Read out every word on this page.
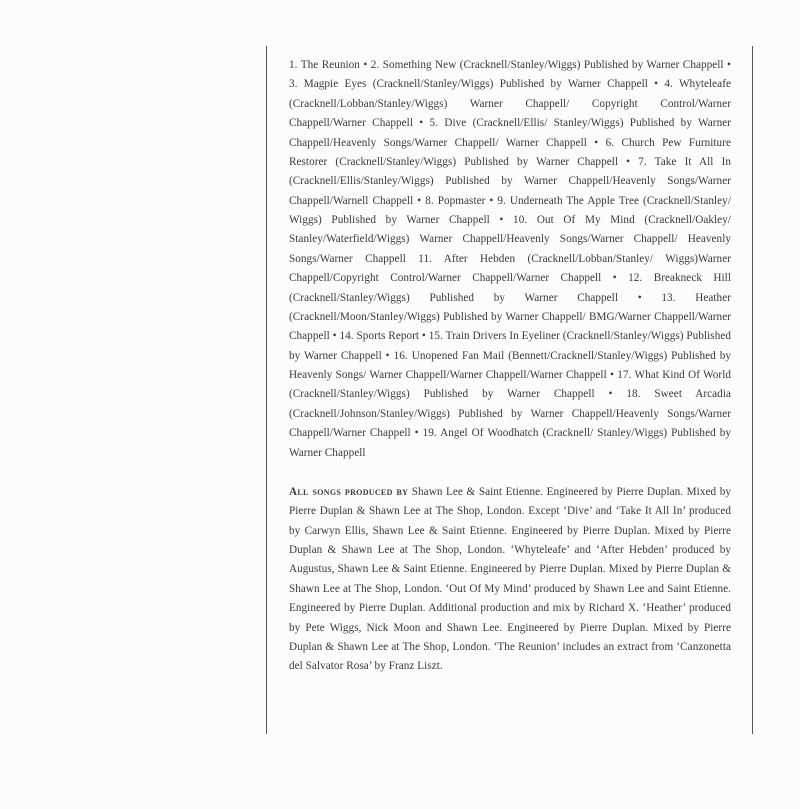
1. The Reunion • 2. Something New (Cracknell/Stanley/Wiggs) Published by Warner Chappell • 3. Magpie Eyes (Cracknell/Stanley/Wiggs) Published by Warner Chappell • 4. Whyteleafe (Cracknell/Lobban/Stanley/Wiggs) Warner Chappell/ Copyright Control/Warner Chappell/Warner Chappell • 5. Dive (Cracknell/Ellis/ Stanley/Wiggs) Published by Warner Chappell/Heavenly Songs/Warner Chappell/ Warner Chappell • 6. Church Pew Furniture Restorer (Cracknell/Stanley/Wiggs) Published by Warner Chappell • 7. Take It All In (Cracknell/Ellis/Stanley/Wiggs) Published by Warner Chappell/Heavenly Songs/Warner Chappell/Warnell Chappell • 8. Popmaster • 9. Underneath The Apple Tree (Cracknell/Stanley/ Wiggs) Published by Warner Chappell • 10. Out Of My Mind (Cracknell/Oakley/ Stanley/Waterfield/Wiggs) Warner Chappell/Heavenly Songs/Warner Chappell/ Heavenly Songs/Warner Chappell 11. After Hebden (Cracknell/Lobban/Stanley/ Wiggs)Warner Chappell/Copyright Control/Warner Chappell/Warner Chappell • 12. Breakneck Hill (Cracknell/Stanley/Wiggs) Published by Warner Chappell • 13. Heather (Cracknell/Moon/Stanley/Wiggs) Published by Warner Chappell/ BMG/Warner Chappell/Warner Chappell • 14. Sports Report • 15. Train Drivers In Eyeliner (Cracknell/Stanley/Wiggs) Published by Warner Chappell • 16. Unopened Fan Mail (Bennett/Cracknell/Stanley/Wiggs) Published by Heavenly Songs/ Warner Chappell/Warner Chappell/Warner Chappell • 17. What Kind Of World (Cracknell/Stanley/Wiggs) Published by Warner Chappell • 18. Sweet Arcadia (Cracknell/Johnson/Stanley/Wiggs) Published by Warner Chappell/Heavenly Songs/Warner Chappell/Warner Chappell • 19. Angel Of Woodhatch (Cracknell/ Stanley/Wiggs) Published by Warner Chappell

All songs produced by Shawn Lee & Saint Etienne. Engineered by Pierre Duplan. Mixed by Pierre Duplan & Shawn Lee at The Shop, London. Except ‘Dive’ and ‘Take It All In’ produced by Carwyn Ellis, Shawn Lee & Saint Etienne. Engineered by Pierre Duplan. Mixed by Pierre Duplan & Shawn Lee at The Shop, London. ‘Whyteleafe’ and ‘After Hebden’ produced by Augustus, Shawn Lee & Saint Etienne. Engineered by Pierre Duplan. Mixed by Pierre Duplan & Shawn Lee at The Shop, London. ‘Out Of My Mind’ produced by Shawn Lee and Saint Etienne. Engineered by Pierre Duplan. Additional production and mix by Richard X. ‘Heather’ produced by Pete Wiggs, Nick Moon and Shawn Lee. Engineered by Pierre Duplan. Mixed by Pierre Duplan & Shawn Lee at The Shop, London. ‘The Reunion’ includes an extract from ‘Canzonetta del Salvator Rosa’ by Franz Liszt.
